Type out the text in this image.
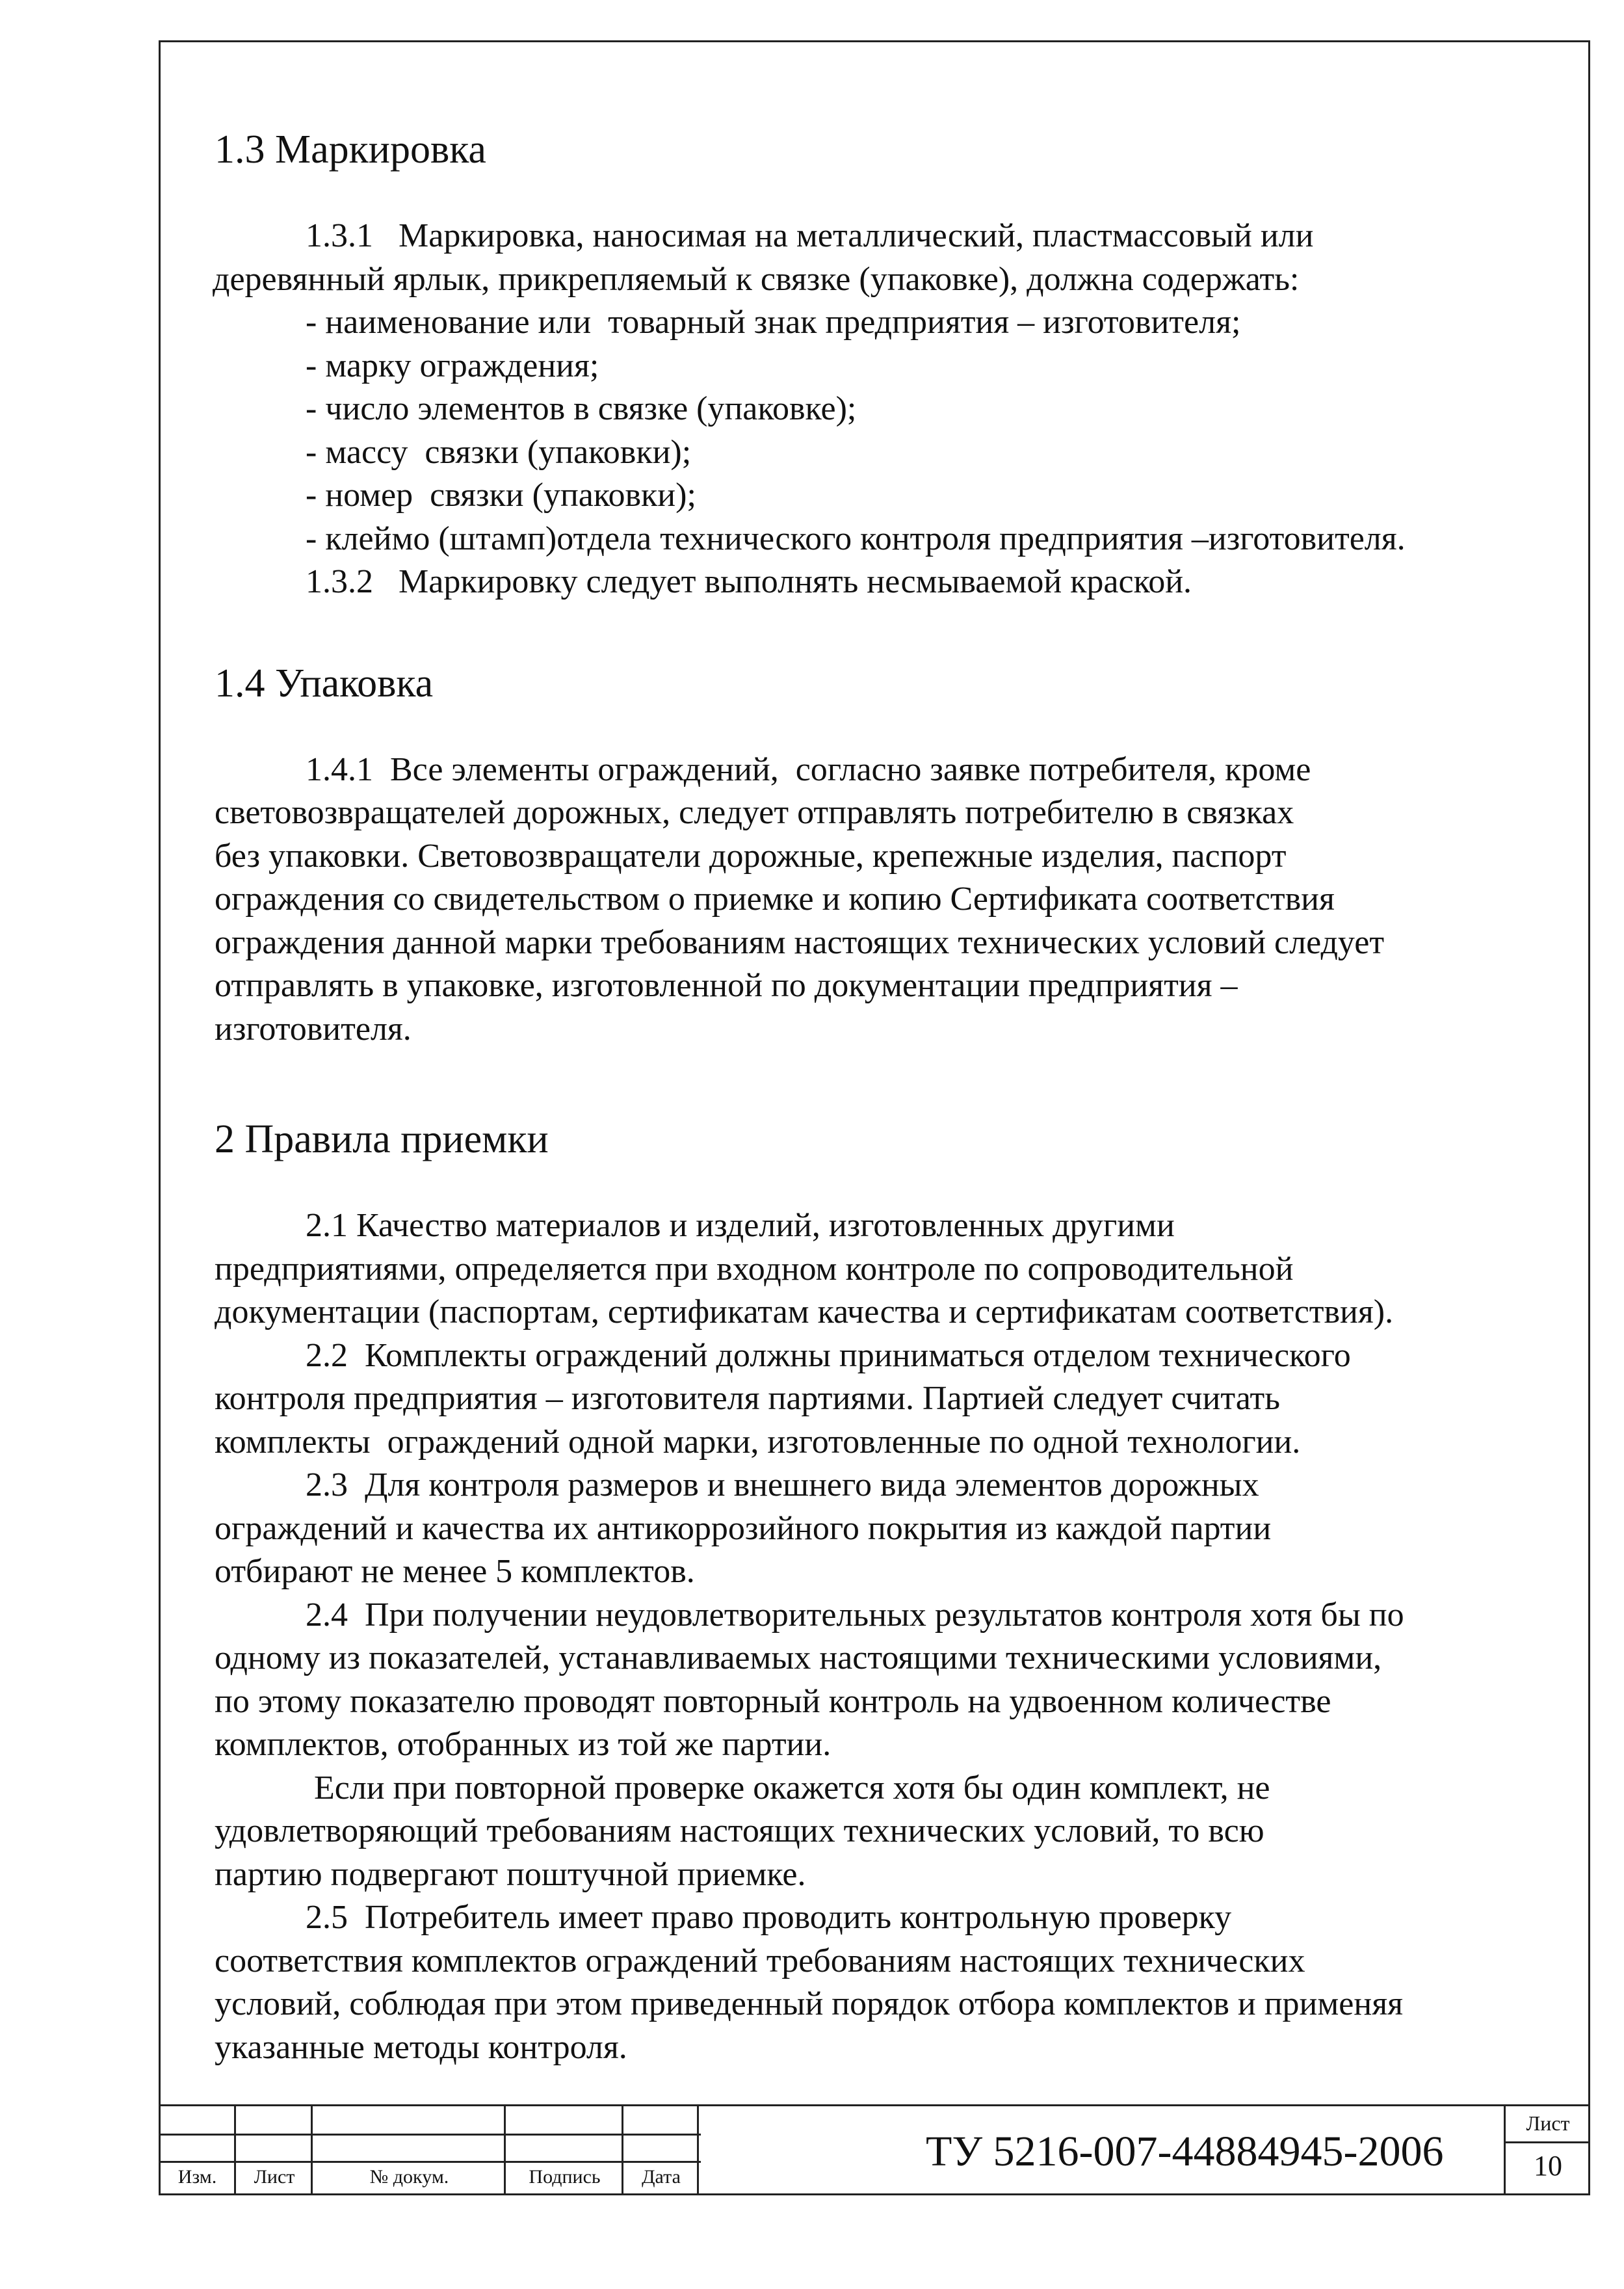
1.3 Маркировка

1.3.1   Маркировка, наносимая на металлический, пластмассовый или

деревянный ярлык, прикрепляемый к связке (упаковке), должна содержать:

- наименование или  товарный знак предприятия – изготовителя;

- марку ограждения;

- число элементов в связке (упаковке);

- массу  связки (упаковки);

- номер  связки (упаковки);

- клеймо (штамп)отдела технического контроля предприятия –изготовителя.

1.3.2   Маркировку следует выполнять несмываемой краской.

1.4 Упаковка

1.4.1  Все элементы ограждений,  согласно заявке потребителя, кроме

световозвращателей дорожных, следует отправлять потребителю в связках

без упаковки. Световозвращатели дорожные, крепежные изделия, паспорт

ограждения со свидетельством о приемке и копию Сертификата соответствия

ограждения данной марки требованиям настоящих технических условий следует

отправлять в упаковке, изготовленной по документации предприятия –

изготовителя.

2 Правила приемки

2.1 Качество материалов и изделий, изготовленных другими

предприятиями, определяется при входном контроле по сопроводительной

документации (паспортам, сертификатам качества и сертификатам соответствия).

2.2  Комплекты ограждений должны приниматься отделом технического

контроля предприятия – изготовителя партиями. Партией следует считать

комплекты  ограждений одной марки, изготовленные по одной технологии.

2.3  Для контроля размеров и внешнего вида элементов дорожных

ограждений и качества их антикоррозийного покрытия из каждой партии

отбирают не менее 5 комплектов.

2.4  При получении неудовлетворительных результатов контроля хотя бы по

одному из показателей, устанавливаемых настоящими техническими условиями,

по этому показателю проводят повторный контроль на удвоенном количестве

комплектов, отобранных из той же партии.

Если при повторной проверке окажется хотя бы один комплект, не

удовлетворяющий требованиям настоящих технических условий, то всю

партию подвергают поштучной приемке.

2.5  Потребитель имеет право проводить контрольную проверку

соответствия комплектов ограждений требованиям настоящих технических

условий, соблюдая при этом приведенный порядок отбора комплектов и применяя

указанные методы контроля.

Изм.	Лист	№ докум.	Подпись	Дата
ТУ 5216-007-44884945-2006
Лист
10
